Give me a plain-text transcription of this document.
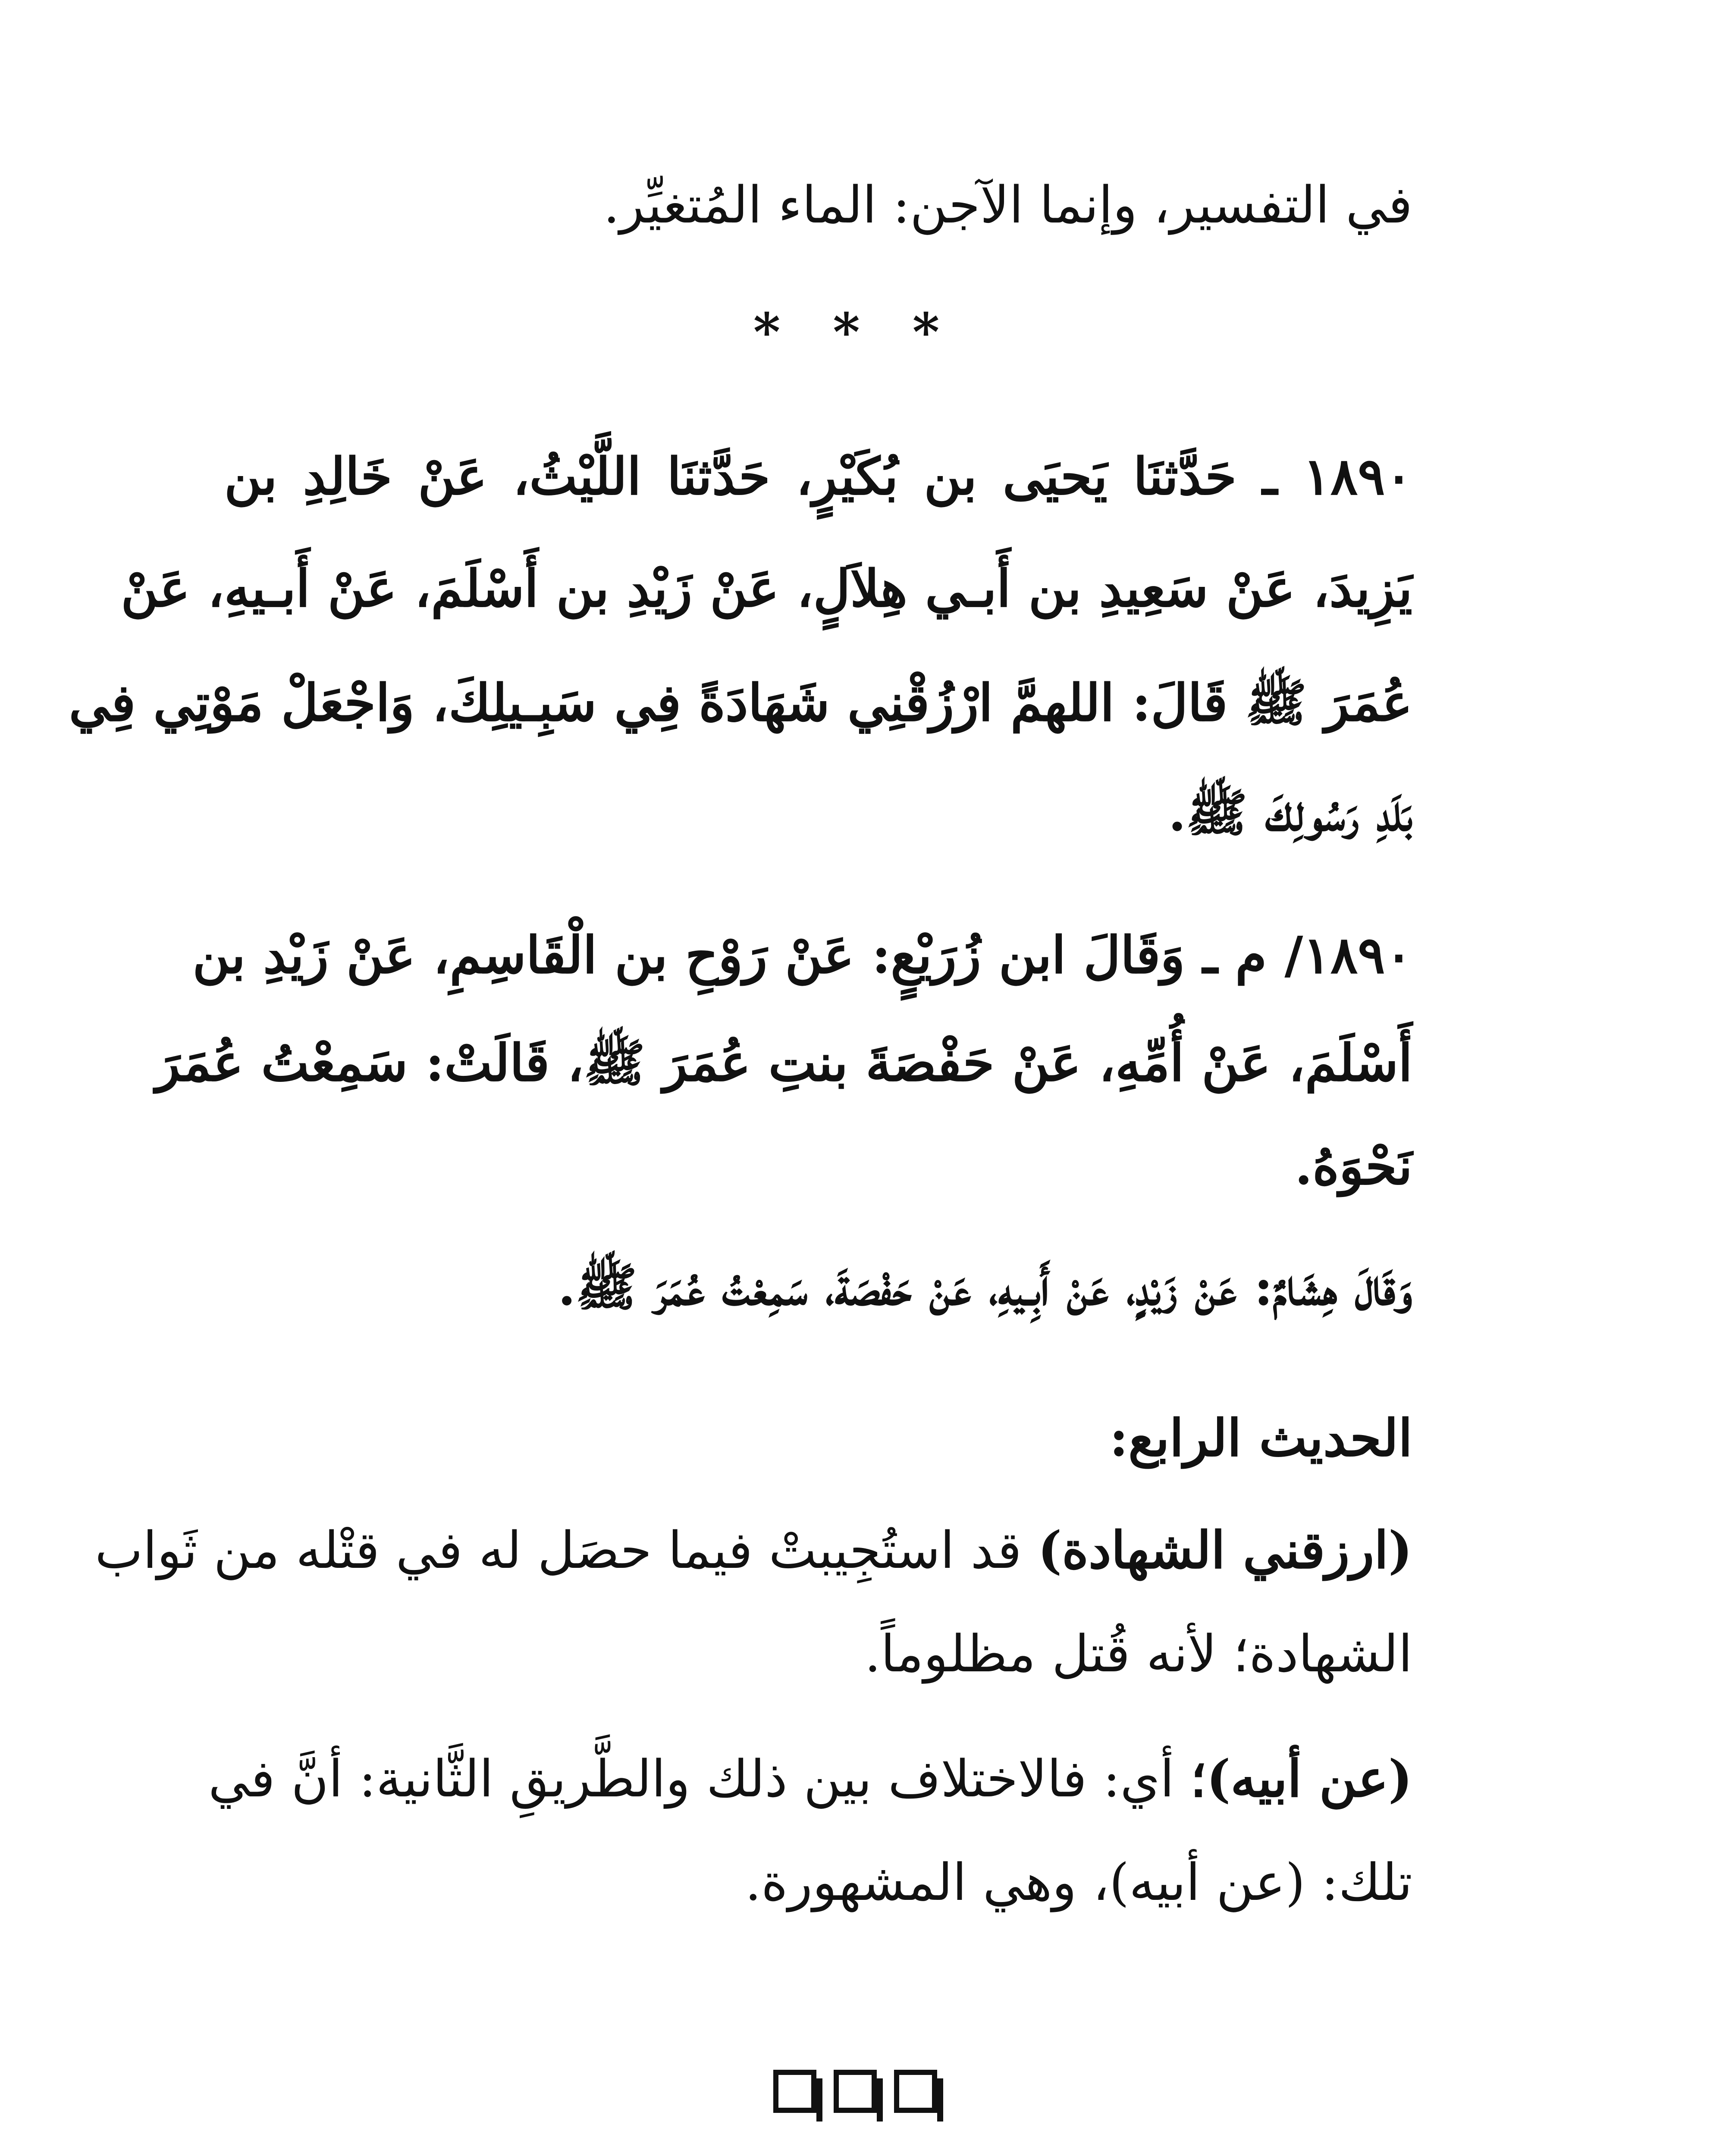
في التفسير، وإنما الآجن: الماء المُتغيِّر.
* * *
١٨٩٠ ـ حَدَّثنَا يَحيَى بن بُكَيْرٍ، حَدَّثنَا اللَّيْثُ، عَنْ خَالِدِ بن
يَزِيدَ، عَنْ سَعِيدِ بن أَبـي هِلاَلٍ، عَنْ زَيْدِ بن أَسْلَمَ، عَنْ أَبـيهِ، عَنْ
عُمَرَ ﷺ قَالَ: اللهمَّ ارْزُقْنِي شَهَادَةً فِي سَبِـيلِكَ، وَاجْعَلْ مَوْتِي فِي
بَلَدِ رَسُولِكَ ﷺ.
١٨٩٠/ م ـ وَقَالَ ابن زُرَيْعٍ: عَنْ رَوْحِ بن الْقَاسِمِ، عَنْ زَيْدِ بن
أَسْلَمَ، عَنْ أُمِّهِ، عَنْ حَفْصَةَ بنتِ عُمَرَ ﷺ، قَالَتْ: سَمِعْتُ عُمَرَ
نَحْوَهُ.
وَقَالَ هِشَامٌ: عَنْ زَيْدٍ، عَنْ أَبِـيهِ، عَنْ حَفْصَةَ، سَمِعْتُ عُمَرَ ﷺ.
الحديث الرابع:
(ارزقني الشهادة) قد استُجِيبتْ فيما حصَل له في قتْله من ثَواب
الشهادة؛ لأنه قُتل مظلوماً.
(عن أبيه)؛ أي: فالاختلاف بين ذلك والطَّريقِ الثَّانية: أنَّ في
تلك: (عن أبيه)، وهي المشهورة.
